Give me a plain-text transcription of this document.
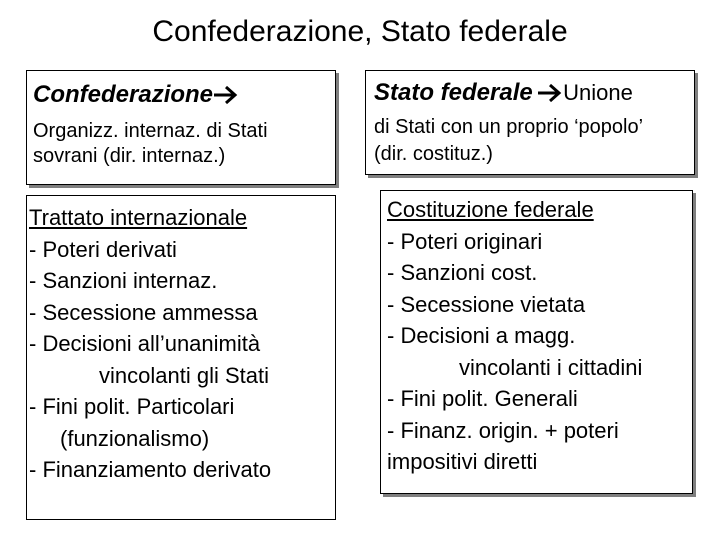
Confederazione, Stato federale
Confederazione
Organizz. internaz. di Stati
sovrani (dir. internaz.)
Stato federale Unione
di Stati con un proprio ‘popolo’
(dir. costituz.)
Trattato internazionale
- Poteri derivati
- Sanzioni internaz.
- Secessione ammessa
- Decisioni all’unanimità
vincolanti gli Stati
- Fini polit. Particolari
(funzionalismo)
- Finanziamento derivato
Costituzione federale
- Poteri originari
- Sanzioni cost.
- Secessione vietata
- Decisioni a magg.
vincolanti i cittadini
- Fini polit. Generali
- Finanz. origin. + poteri
impositivi diretti
